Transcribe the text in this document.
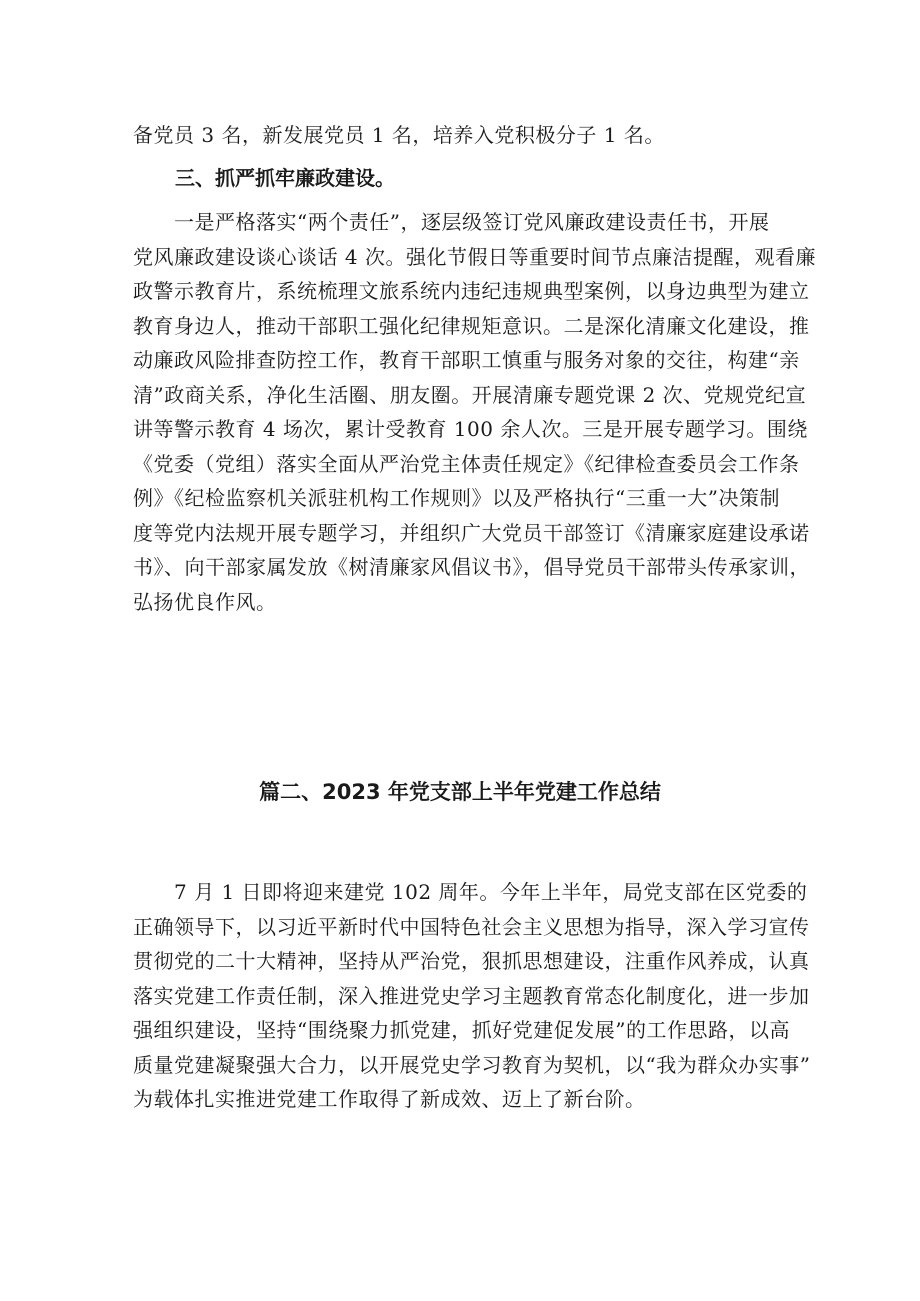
备党员 3 名，新发展党员 1 名，培养入党积极分子 1 名。

三、抓严抓牢廉政建设。

　　一是严格落实“两个责任”，逐层级签订党风廉政建设责任书，开展
党风廉政建设谈心谈话 4 次。强化节假日等重要时间节点廉洁提醒，观看廉
政警示教育片，系统梳理文旅系统内违纪违规典型案例，以身边典型为建立
教育身边人，推动干部职工强化纪律规矩意识。二是深化清廉文化建设，推
动廉政风险排查防控工作，教育干部职工慎重与服务对象的交往，构建“亲
清”政商关系，净化生活圈、朋友圈。开展清廉专题党课 2 次、党规党纪宣
讲等警示教育 4 场次，累计受教育 100 余人次。三是开展专题学习。围绕
《党委（党组）落实全面从严治党主体责任规定》《纪律检查委员会工作条
例》《纪检监察机关派驻机构工作规则》以及严格执行“三重一大”决策制
度等党内法规开展专题学习，并组织广大党员干部签订《清廉家庭建设承诺
书》、向干部家属发放《树清廉家风倡议书》，倡导党员干部带头传承家训，
弘扬优良作风。

篇二、2023 年党支部上半年党建工作总结

　　7 月 1 日即将迎来建党 102 周年。今年上半年，局党支部在区党委的
正确领导下，以习近平新时代中国特色社会主义思想为指导，深入学习宣传
贯彻党的二十大精神，坚持从严治党，狠抓思想建设，注重作风养成，认真
落实党建工作责任制，深入推进党史学习主题教育常态化制度化，进一步加
强组织建设，坚持“围绕聚力抓党建，抓好党建促发展”的工作思路，以高
质量党建凝聚强大合力，以开展党史学习教育为契机，以“我为群众办实事”
为载体扎实推进党建工作取得了新成效、迈上了新台阶。
